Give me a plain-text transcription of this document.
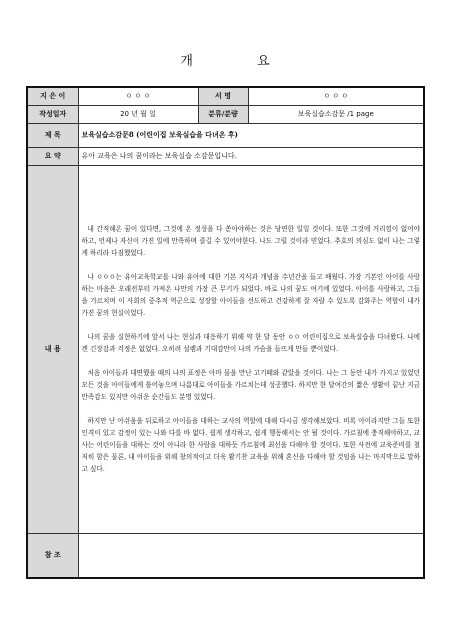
개 요
지 은 이	ㅇ ㅇ ㅇ	서 명	ㅇ ㅇ ㅇ
작성일자	20 년 월 일	분류/분량	보육실습소감문 /1 page
제 목	보육실습소감문8 (어린이집 보육실습을 다녀온 후)		
요 약	유아 교육은 나의 꿈이라는 보육실습 소감문입니다.		
내 용	내 간직해온 꿈이 있다면, 그것에 온 정성을 다 쏟아야하는 것은 당연한 일일 것이다. 또한 그것에 거리낌이 없어야 하고, 언제나 자신이 가진 일에 만족하며 즐길 수 있어야한다. 나도 그럴 것이라 믿었다. 추호의 의심도 없이 나는 그렇게 하리라 다짐했었다.

나 ㅇㅇㅇ는 유아교육학교를 나와 유아에 대한 기본 지식과 개념을 수년간을 들고 배웠다. 가장 기본인 아이를 사랑하는 마음은 오래전부터 가져온 나만의 가장 큰 무기가 되었다. 바로 나의 꿈도 여기에 있었다. 아이를 사랑하고, 그들을 가르치며 이 사회의 중추적 역군으로 성장할 아이들을 선도하고 건강하게 잘 자랄 수 있도록 감화주는 역할이 내가 가진 꿈의 현실이었다.

나의 꿈을 실현하기에 앞서 나는 현실과 대응하기 위해 약 한 달 동안 ㅇㅇ 어린이집으로 보육실습을 다녀왔다. 나에겐 긴장감과 걱정은 없었다. 오히려 설렘과 기대감만이 나의 가슴을 들뜨게 만들 뿐이었다.

처음 아이들과 대면했을 때의 나의 표정은 아마 물을 만난 고기떼와 같았을 것이다. 나는 그 동안 내가 가지고 있었던 모든 것을 아이들에게 틀어놓으며 나름대로 아이들을 가르치는데 성공했다. 하지만 한 달여간의 짧은 생활이 끝난 지금 만족감도 있지만 아쉬운 순간들도 분명 있었다.

하지만 난 아쉬움을 뒤로하고 아이들을 대하는 교사의 역할에 대해 다시금 생각해보았다. 비록 아이라지만 그들 또한 인격이 있고 감정이 있는 나와 다를 바 없다. 쉽게 생각하고, 쉽게 행동해서는 안 될 것이다. 가르침에 충직해야하고, 교사는 어린이들을 대하는 것이 아니라 한 사람을 대하듯 가르침에 최선을 다해야 할 것이다. 또한 사전에 교육준비를 철저히 함은 물론, 내 아이들을 위해 창의적이고 더욱 활기찬 교육을 위해 혼신을 다해야 할 것임을 나는 마지막으로 말하고 싶다.		

참 조			
